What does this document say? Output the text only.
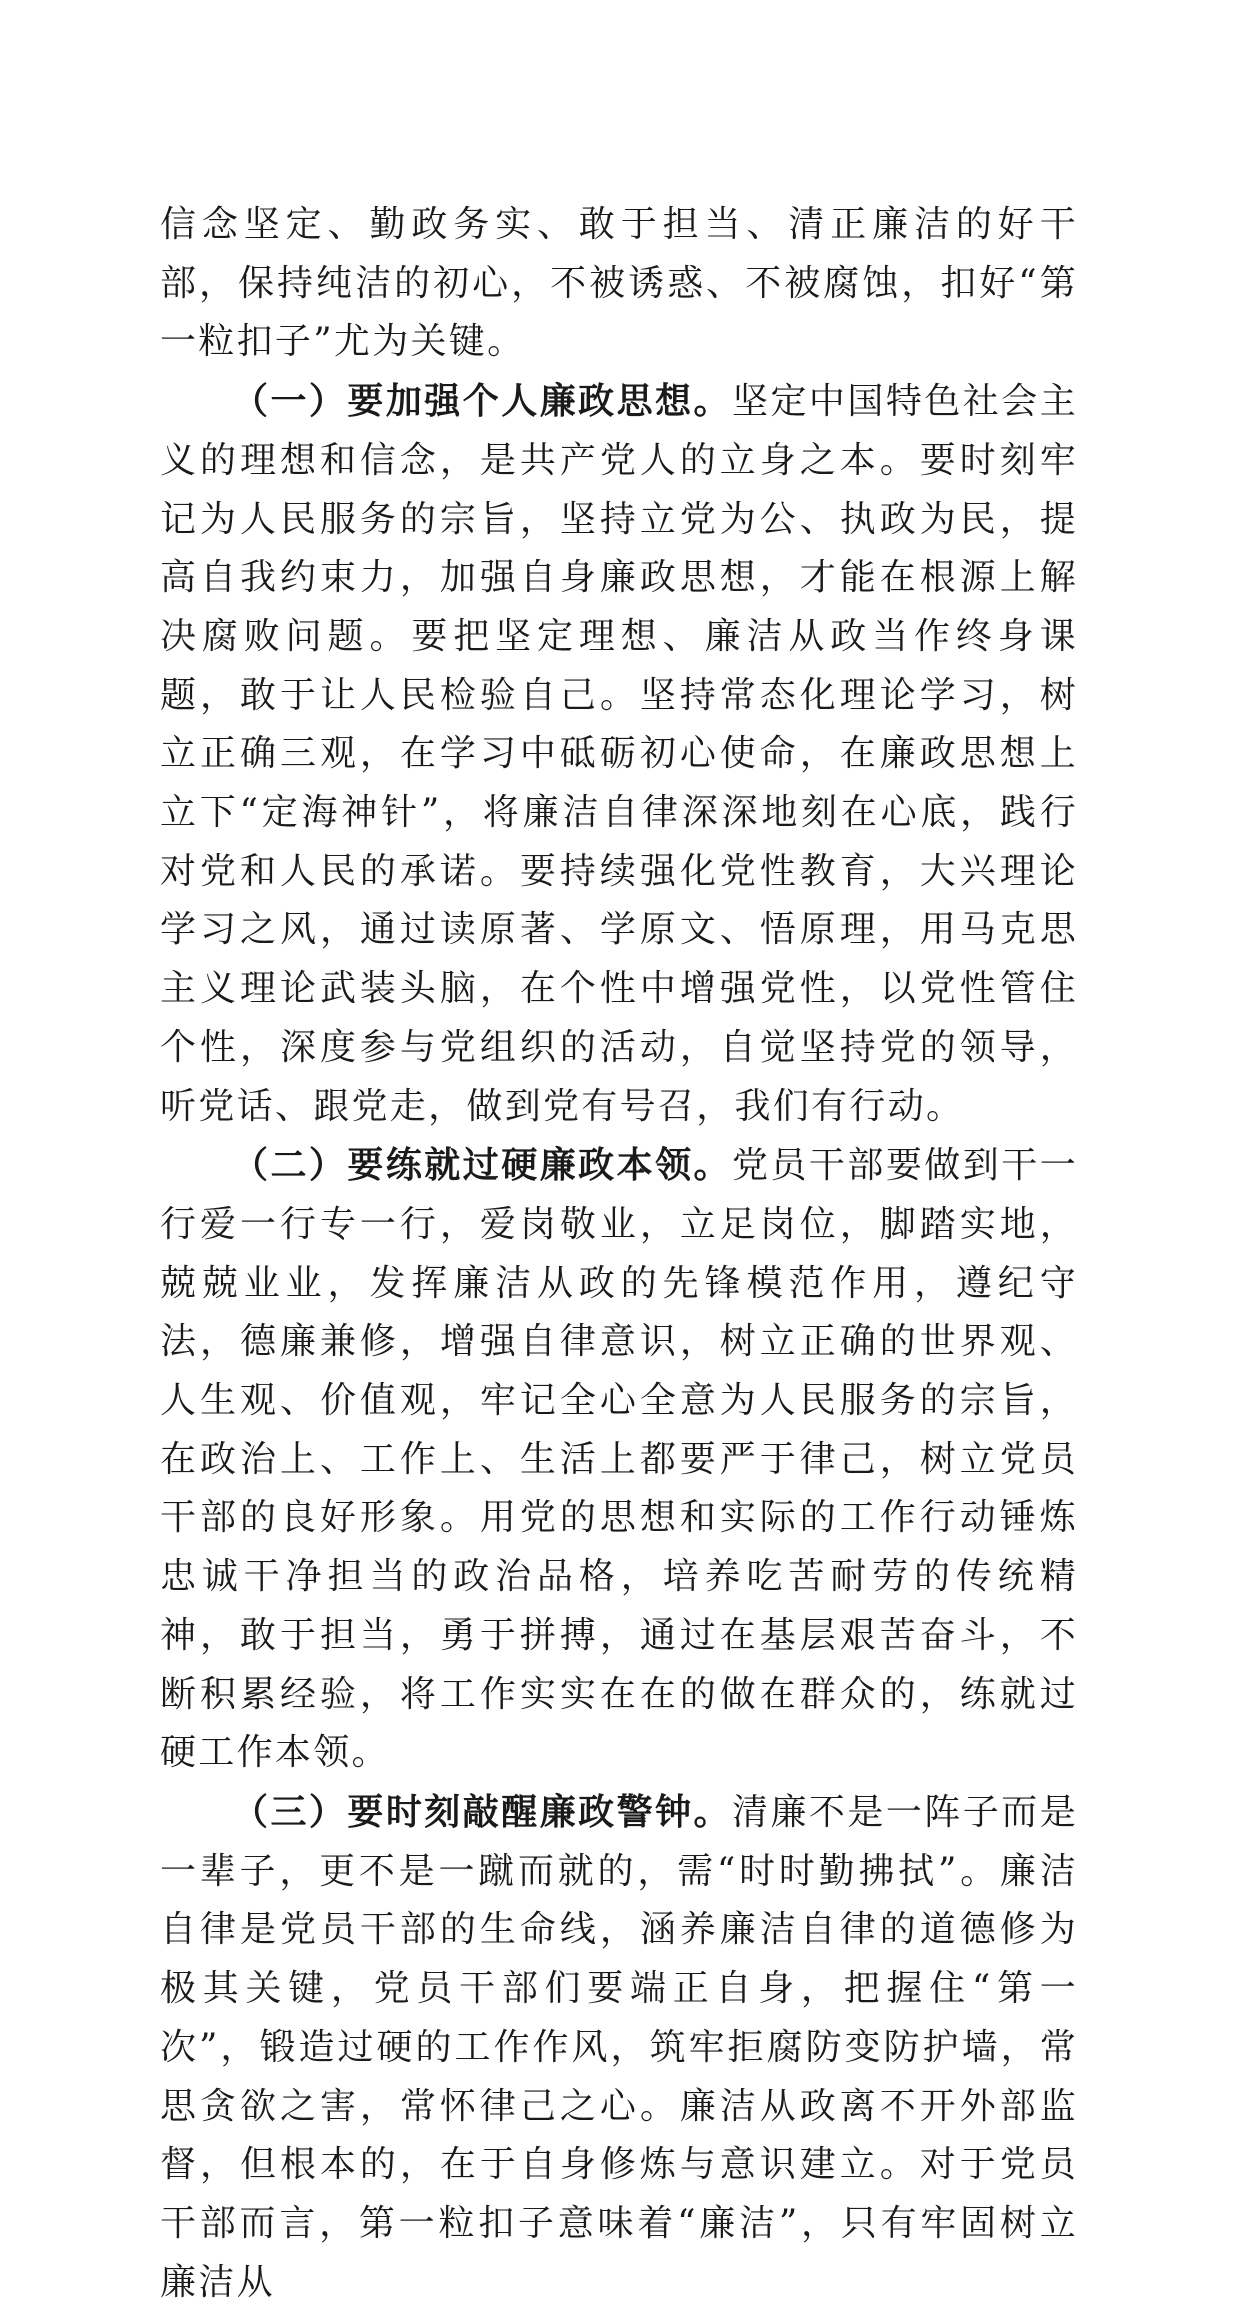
信念坚定、勤政务实、敢于担当、清正廉洁的好干部，保持纯洁的初心，不被诱惑、不被腐蚀，扣好“第一粒扣子”尤为关键。

（一）要加强个人廉政思想。坚定中国特色社会主义的理想和信念，是共产党人的立身之本。要时刻牢记为人民服务的宗旨，坚持立党为公、执政为民，提高自我约束力，加强自身廉政思想，才能在根源上解决腐败问题。要把坚定理想、廉洁从政当作终身课题，敢于让人民检验自己。坚持常态化理论学习，树立正确三观，在学习中砥砺初心使命，在廉政思想上立下“定海神针”，将廉洁自律深深地刻在心底，践行对党和人民的承诺。要持续强化党性教育，大兴理论学习之风，通过读原著、学原文、悟原理，用马克思主义理论武装头脑，在个性中增强党性，以党性管住个性，深度参与党组织的活动，自觉坚持党的领导，听党话、跟党走，做到党有号召，我们有行动。

（二）要练就过硬廉政本领。党员干部要做到干一行爱一行专一行，爱岗敬业，立足岗位，脚踏实地，兢兢业业，发挥廉洁从政的先锋模范作用，遵纪守法，德廉兼修，增强自律意识，树立正确的世界观、人生观、价值观，牢记全心全意为人民服务的宗旨，在政治上、工作上、生活上都要严于律己，树立党员干部的良好形象。用党的思想和实际的工作行动锤炼忠诚干净担当的政治品格，培养吃苦耐劳的传统精神，敢于担当，勇于拼搏，通过在基层艰苦奋斗，不断积累经验，将工作实实在在的做在群众的，练就过硬工作本领。

（三）要时刻敲醒廉政警钟。清廉不是一阵子而是一辈子，更不是一蹴而就的，需“时时勤拂拭”。廉洁自律是党员干部的生命线，涵养廉洁自律的道德修为极其关键，党员干部们要端正自身，把握住“第一次”，锻造过硬的工作作风，筑牢拒腐防变防护墙，常思贪欲之害，常怀律己之心。廉洁从政离不开外部监督，但根本的，在于自身修炼与意识建立。对于党员干部而言，第一粒扣子意味着“廉洁”，只有牢固树立廉洁从
